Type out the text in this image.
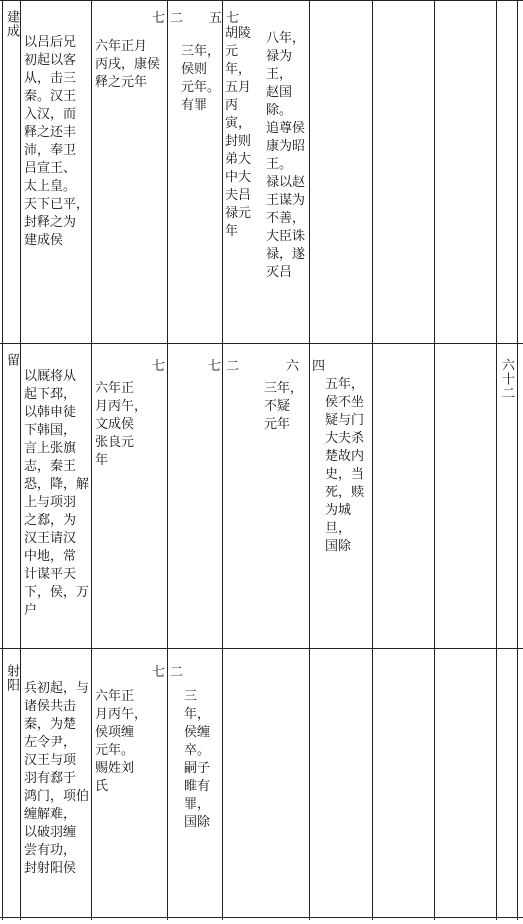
建成
以吕后兄
初起以客
从，击三
秦。汉王
入汉，而
释之还丰
沛，奉卫
吕宣王、
太上皇。
天下已平，
封释之为
建成侯
七
六年正月
丙戌，康侯
释之元年
二 五
三年，
侯则
元年。
有罪
七
胡陵
元年，
五月
丙寅，
封则
弟大
中大
夫吕
禄元
年
八年，
禄为王，
赵国除。
追尊侯
康为昭
王。
禄以赵
王谋为
不善，
大臣诛
禄，遂
灭吕
留
以厩将从
起下邳，
以韩申徒
下韩国，
言上张旗
志，秦王
恐，降，解
上与项羽
之郄，为
汉王请汉
中地，常
计谋平天
下，侯，万
户
七
六年正
月丙午，
文成侯
张良元
年
七 二	六
三年，
不疑
元年
四
五年，
侯不坐
疑与门
大夫杀
楚故内
史，当
死，赎
为城旦，
国除
六十二
射阳 兵初起，与
诸侯共击
秦，为楚
左令尹，
汉王与项
羽有郄于
鸿门，项伯
缠解难，
以破羽缠
尝有功，
封射阳侯
七
六年正
月丙午，
侯项缠
元年。
赐姓刘
氏
二
三年，
侯缠
卒。
嗣子
睢有
罪，
国除
